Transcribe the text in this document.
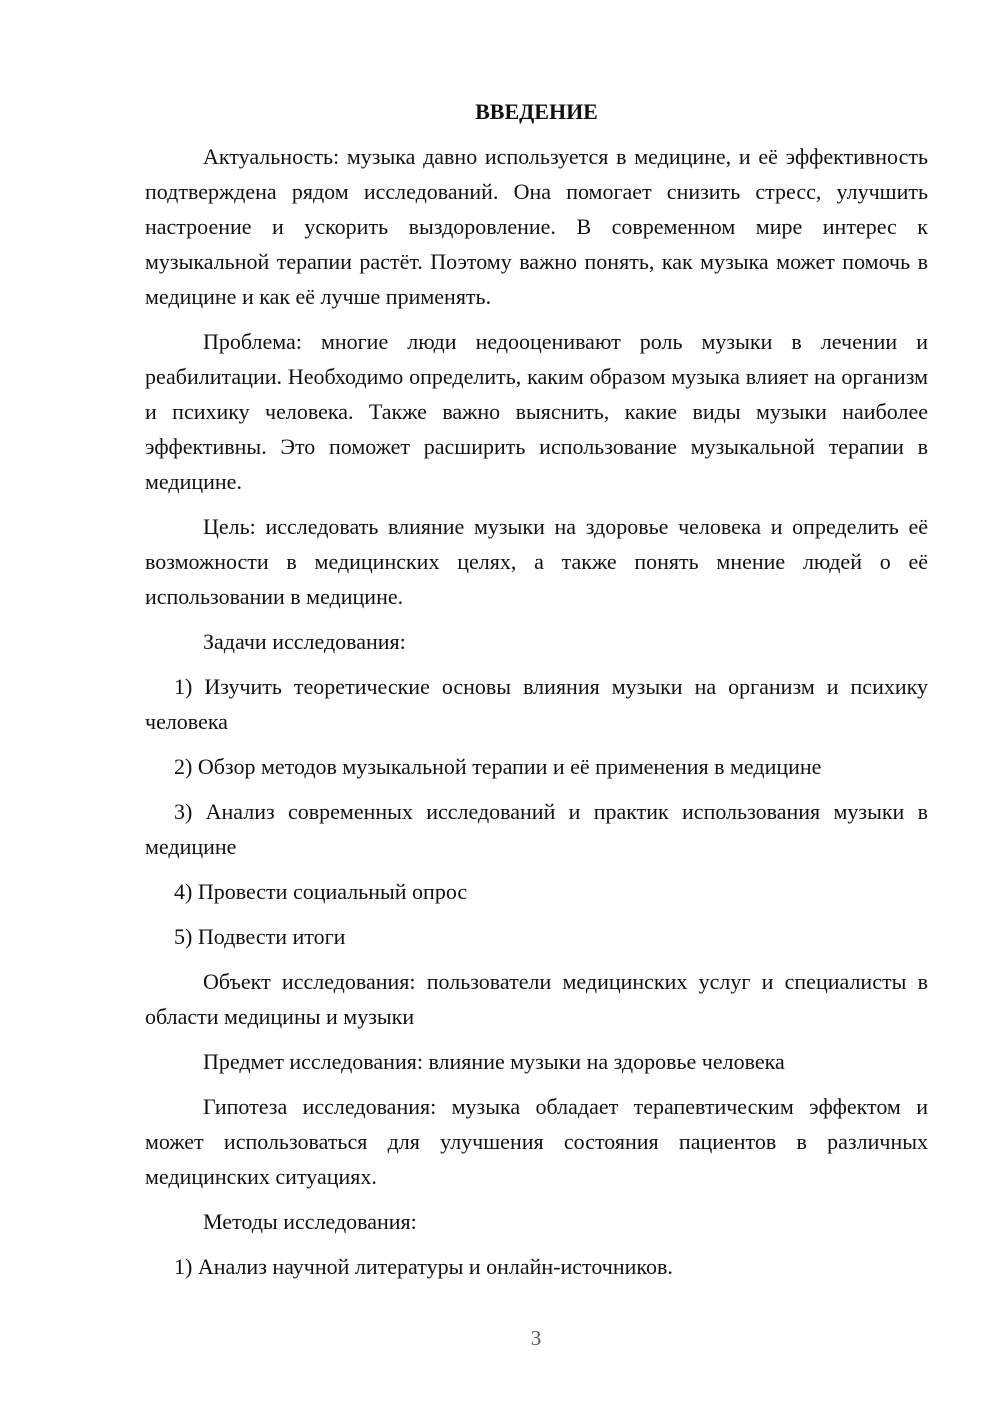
ВВЕДЕНИЕ

Актуальность: музыка давно используется в медицине, и её эффективность подтверждена рядом исследований. Она помогает снизить стресс, улучшить настроение и ускорить выздоровление. В современном мире интерес к музыкальной терапии растёт. Поэтому важно понять, как музыка может помочь в медицине и как её лучше применять.

Проблема: многие люди недооценивают роль музыки в лечении и реабилитации. Необходимо определить, каким образом музыка влияет на организм и психику человека. Также важно выяснить, какие виды музыки наиболее эффективны. Это поможет расширить использование музыкальной терапии в медицине.

Цель: исследовать влияние музыки на здоровье человека и определить её возможности в медицинских целях, а также понять мнение людей о её использовании в медицине.

Задачи исследования:

1) Изучить теоретические основы влияния музыки на организм и психику человека

2) Обзор методов музыкальной терапии и её применения в медицине

3) Анализ современных исследований и практик использования музыки в медицине

4) Провести социальный опрос

5) Подвести итоги

Объект исследования: пользователи медицинских услуг и специалисты в области медицины и музыки

Предмет исследования: влияние музыки на здоровье человека

Гипотеза исследования: музыка обладает терапевтическим эффектом и может использоваться для улучшения состояния пациентов в различных медицинских ситуациях.

Методы исследования:

1) Анализ научной литературы и онлайн-источников.

3
